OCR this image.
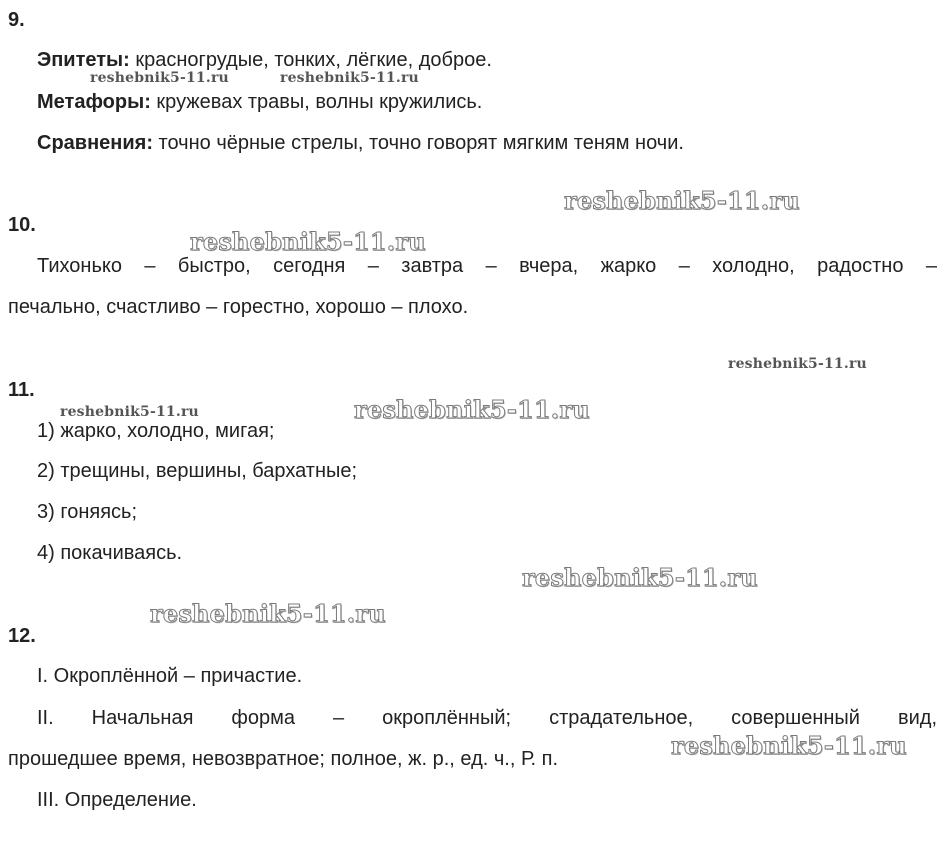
9.
Эпитеты: красногрудые, тонких, лёгкие, доброе.
Метафоры: кружевах травы, волны кружились.
Сравнения: точно чёрные стрелы, точно говорят мягким теням ночи.
10.
Тихонько – быстро, сегодня – завтра – вчера, жарко – холодно, радостно –
печально, счастливо – горестно, хорошо – плохо.
11.
1) жарко, холодно, мигая;
2) трещины, вершины, бархатные;
3) гоняясь;
4) покачиваясь.
12.
I. Окроплённой – причастие.
II. Начальная форма – окроплённый; страдательное, совершенный вид,
прошедшее время, невозвратное; полное, ж. р., ед. ч., Р. п.
III. Определение.
reshebnik5-11.ru	reshebnik5-11.ru
reshebnik5-11.ru
reshebnik5-11.ru
reshebnik5-11.ru
reshebnik5-11.ru	reshebnik5-11.ru
reshebnik5-11.ru
reshebnik5-11.ru
reshebnik5-11.ru
